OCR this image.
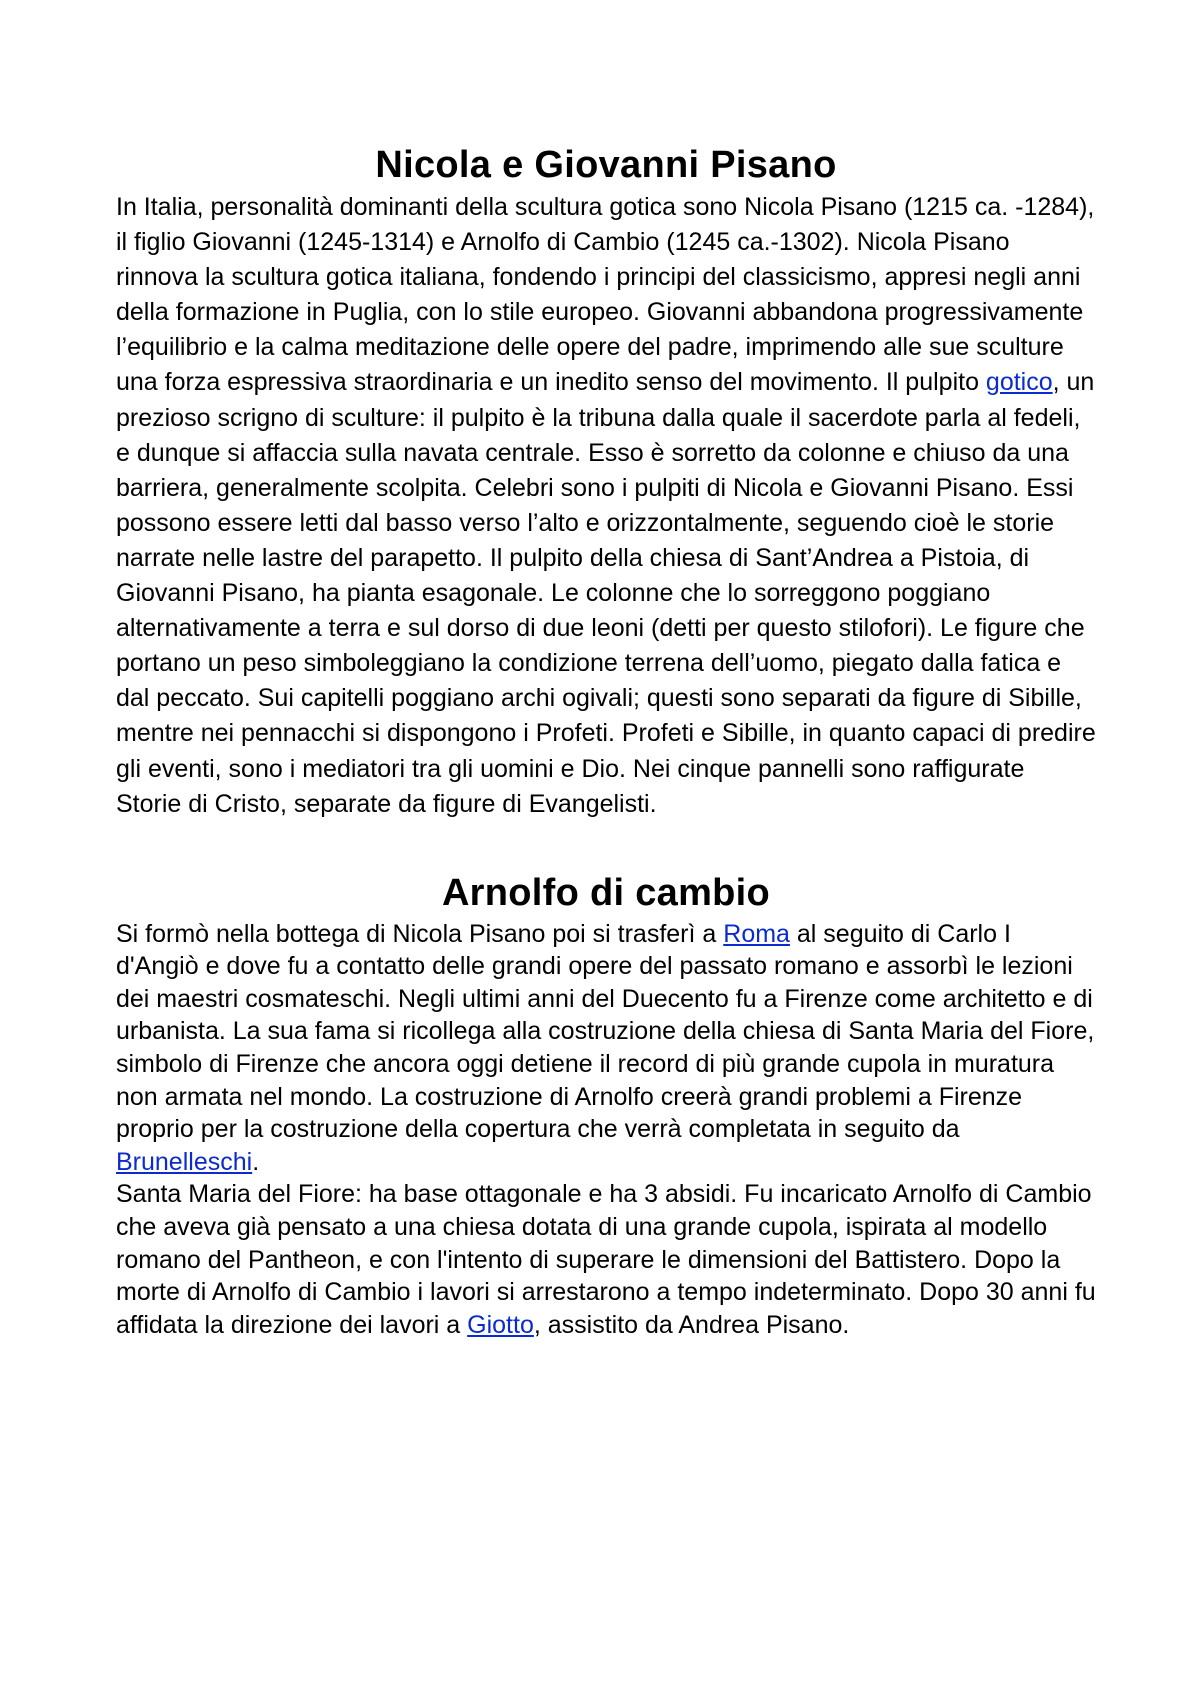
Nicola e Giovanni Pisano

In Italia, personalità dominanti della scultura gotica sono Nicola Pisano (1215 ca. -1284), il figlio Giovanni (1245-1314) e Arnolfo di Cambio (1245 ca.-1302). Nicola Pisano rinnova la scultura gotica italiana, fondendo i principi del classicismo, appresi negli anni della formazione in Puglia, con lo stile europeo. Giovanni abbandona progressivamente l’equilibrio e la calma meditazione delle opere del padre, imprimendo alle sue sculture una forza espressiva straordinaria e un inedito senso del movimento. Il pulpito gotico, un prezioso scrigno di sculture: il pulpito è la tribuna dalla quale il sacerdote parla al fedeli, e dunque si affaccia sulla navata centrale. Esso è sorretto da colonne e chiuso da una barriera, generalmente scolpita. Celebri sono i pulpiti di Nicola e Giovanni Pisano. Essi possono essere letti dal basso verso l’alto e orizzontalmente, seguendo cioè le storie narrate nelle lastre del parapetto. Il pulpito della chiesa di Sant’Andrea a Pistoia, di Giovanni Pisano, ha pianta esagonale. Le colonne che lo sorreggono poggiano alternativamente a terra e sul dorso di due leoni (detti per questo stilofori). Le figure che portano un peso simboleggiano la condizione terrena dell’uomo, piegato dalla fatica e dal peccato. Sui capitelli poggiano archi ogivali; questi sono separati da figure di Sibille, mentre nei pennacchi si dispongono i Profeti. Profeti e Sibille, in quanto capaci di predire gli eventi, sono i mediatori tra gli uomini e Dio. Nei cinque pannelli sono raffigurate Storie di Cristo, separate da figure di Evangelisti.

Arnolfo di cambio

Si formò nella bottega di Nicola Pisano poi si trasferì a Roma al seguito di Carlo I d'Angiò e dove fu a contatto delle grandi opere del passato romano e assorbì le lezioni dei maestri cosmateschi. Negli ultimi anni del Duecento fu a Firenze come architetto e di urbanista. La sua fama si ricollega alla costruzione della chiesa di Santa Maria del Fiore, simbolo di Firenze che ancora oggi detiene il record di più grande cupola in muratura non armata nel mondo. La costruzione di Arnolfo creerà grandi problemi a Firenze proprio per la costruzione della copertura che verrà completata in seguito da Brunelleschi.

Santa Maria del Fiore: ha base ottagonale e ha 3 absidi. Fu incaricato Arnolfo di Cambio che aveva già pensato a una chiesa dotata di una grande cupola, ispirata al modello romano del Pantheon, e con l'intento di superare le dimensioni del Battistero. Dopo la morte di Arnolfo di Cambio i lavori si arrestarono a tempo indeterminato. Dopo 30 anni fu affidata la direzione dei lavori a Giotto, assistito da Andrea Pisano.
